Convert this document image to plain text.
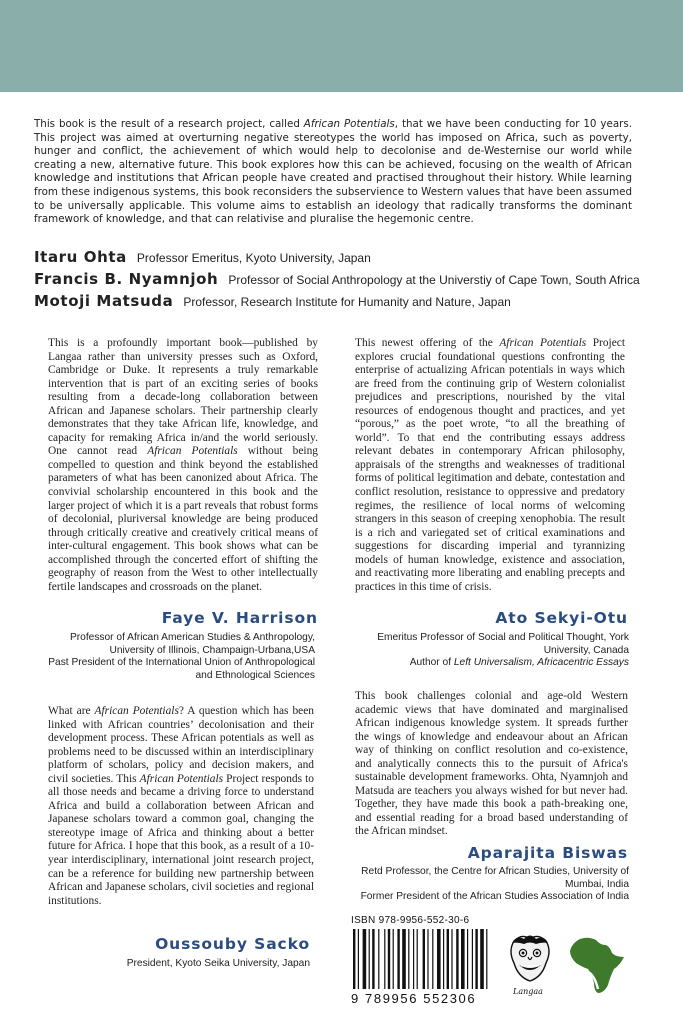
This book is the result of a research project, called African Potentials, that we have been conducting for 10 years. This project was aimed at overturning negative stereotypes the world has imposed on Africa, such as poverty, hunger and conflict, the achievement of which would help to decolonise and de-Westernise our world while creating a new, alternative future. This book explores how this can be achieved, focusing on the wealth of African knowledge and institutions that African people have created and practised throughout their history. While learning from these indigenous systems, this book reconsiders the subservience to Western values that have been assumed to be universally applicable. This volume aims to establish an ideology that radically transforms the dominant framework of knowledge, and that can relativise and pluralise the hegemonic centre.

Itaru Ohta Professor Emeritus, Kyoto University, Japan
Francis B. Nyamnjoh Professor of Social Anthropology at the Universtiy of Cape Town, South Africa
Motoji Matsuda Professor, Research Institute for Humanity and Nature, Japan

This is a profoundly important book—published by Langaa rather than university presses such as Oxford, Cambridge or Duke. It represents a truly remarkable intervention that is part of an exciting series of books resulting from a decade-long collaboration between African and Japanese scholars. Their partnership clearly demonstrates that they take African life, knowledge, and capacity for remaking Africa in/and the world seriously. One cannot read African Potentials without being compelled to question and think beyond the established parameters of what has been canonized about Africa. The convivial scholarship encountered in this book and the larger project of which it is a part reveals that robust forms of decolonial, pluriversal knowledge are being produced through critically creative and creatively critical means of inter-cultural engagement. This book shows what can be accomplished through the concerted effort of shifting the geography of reason from the West to other intellectually fertile landscapes and crossroads on the planet.

Faye V. Harrison
Professor of African American Studies & Anthropology,
University of Illinois, Champaign-Urbana,USA
Past President of the International Union of Anthropological
and Ethnological Sciences

This newest offering of the African Potentials Project explores crucial foundational questions confronting the enterprise of actualizing African potentials in ways which are freed from the continuing grip of Western colonialist prejudices and prescriptions, nourished by the vital resources of endogenous thought and practices, and yet “porous,” as the poet wrote, “to all the breathing of world”. To that end the contributing essays address relevant debates in contemporary African philosophy, appraisals of the strengths and weaknesses of traditional forms of political legitimation and debate, contestation and conflict resolution, resistance to oppressive and predatory regimes, the resilience of local norms of welcoming strangers in this season of creeping xenophobia. The result is a rich and variegated set of critical examinations and suggestions for discarding imperial and tyrannizing models of human knowledge, existence and association, and reactivating more liberating and enabling precepts and practices in this time of crisis.

Ato Sekyi-Otu
Emeritus Professor of Social and Political Thought, York
University, Canada
Author of Left Universalism, Africacentric Essays

What are African Potentials? A question which has been linked with African countries’ decolonisation and their development process. These African potentials as well as problems need to be discussed within an interdisciplinary platform of scholars, policy and decision makers, and civil societies. This African Potentials Project responds to all those needs and became a driving force to understand Africa and build a collaboration between African and Japanese scholars toward a common goal, changing the stereotype image of Africa and thinking about a better future for Africa. I hope that this book, as a result of a 10-year interdisciplinary, international joint research project, can be a reference for building new partnership between African and Japanese scholars, civil societies and regional institutions.

Oussouby Sacko
President, Kyoto Seika University, Japan

This book challenges colonial and age-old Western academic views that have dominated and marginalised African indigenous knowledge system. It spreads further the wings of knowledge and endeavour about an African way of thinking on conflict resolution and co-existence, and analytically connects this to the pursuit of Africa's sustainable development frameworks. Ohta, Nyamnjoh and Matsuda are teachers you always wished for but never had. Together, they have made this book a path-breaking one, and essential reading for a broad based understanding of the African mindset.

Aparajita Biswas
Retd Professor, the Centre for African Studies, University of
Mumbai, India
Former President of the African Studies Association of India
ISBN 978-9956-552-30-6
9 789956 552306	Langaa
